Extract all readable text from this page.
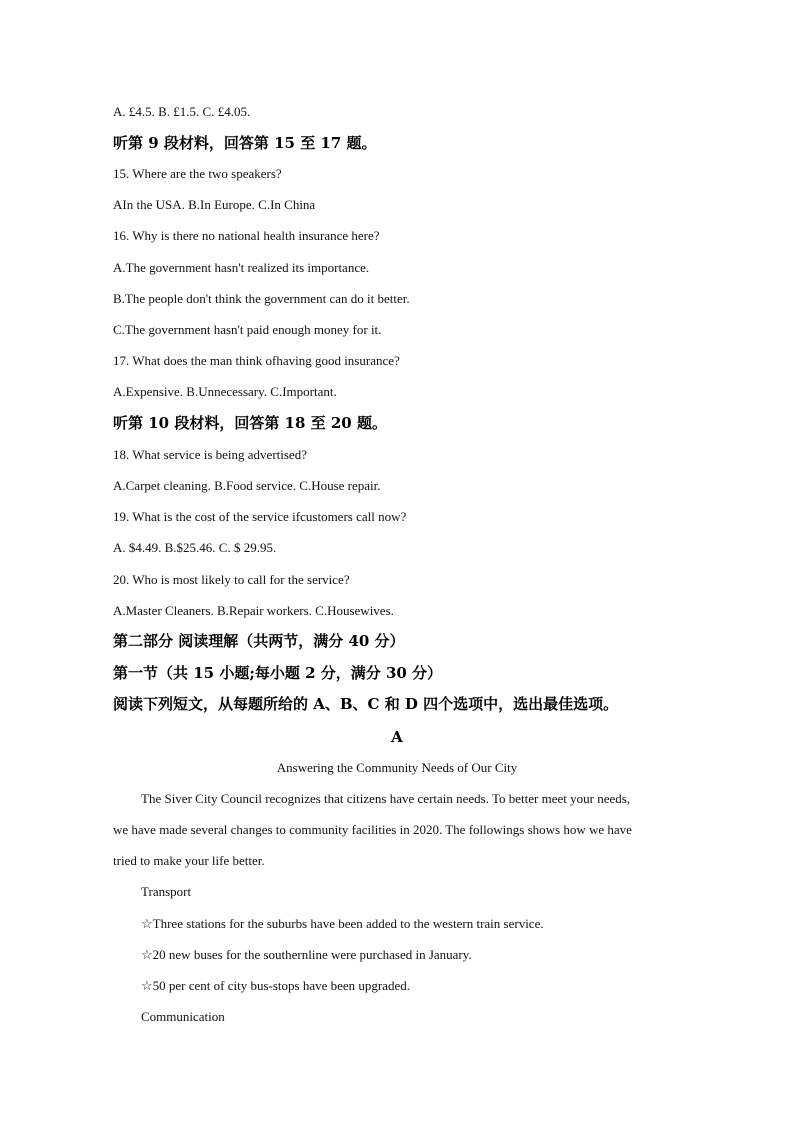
A. £4.5. B. £1.5. C. £4.05.
听第 9 段材料，回答第 15 至 17 题。
15. Where are the two speakers?
AIn the USA. B.In Europe. C.In China
16. Why is there no national health insurance here?
A.The government hasn't realized its importance.
B.The people don't think the government can do it better.
C.The government hasn't paid enough money for it.
17. What does the man think ofhaving good insurance?
A.Expensive. B.Unnecessary. C.Important.
听第 10 段材料，回答第 18 至 20 题。
18. What service is being advertised?
A.Carpet cleaning. B.Food service. C.House repair.
19. What is the cost of the service ifcustomers call now?
A. $4.49. B.$25.46. C. $ 29.95.
20. Who is most likely to call for the service?
A.Master Cleaners. B.Repair workers. C.Housewives.
第二部分 阅读理解（共两节，满分 40 分）
第一节（共 15 小题;每小题 2 分，满分 30 分）
阅读下列短文，从每题所给的 A、B、C 和 D 四个选项中，选出最佳选项。
A
Answering the Community Needs of Our City
The Siver City Council recognizes that citizens have certain needs. To better meet your needs,
we have made several changes to community facilities in 2020. The followings shows how we have
tried to make your life better.
Transport
☆Three stations for the suburbs have been added to the western train service.
☆20 new buses for the southernline were purchased in January.
☆50 per cent of city bus-stops have been upgraded.
Communication
